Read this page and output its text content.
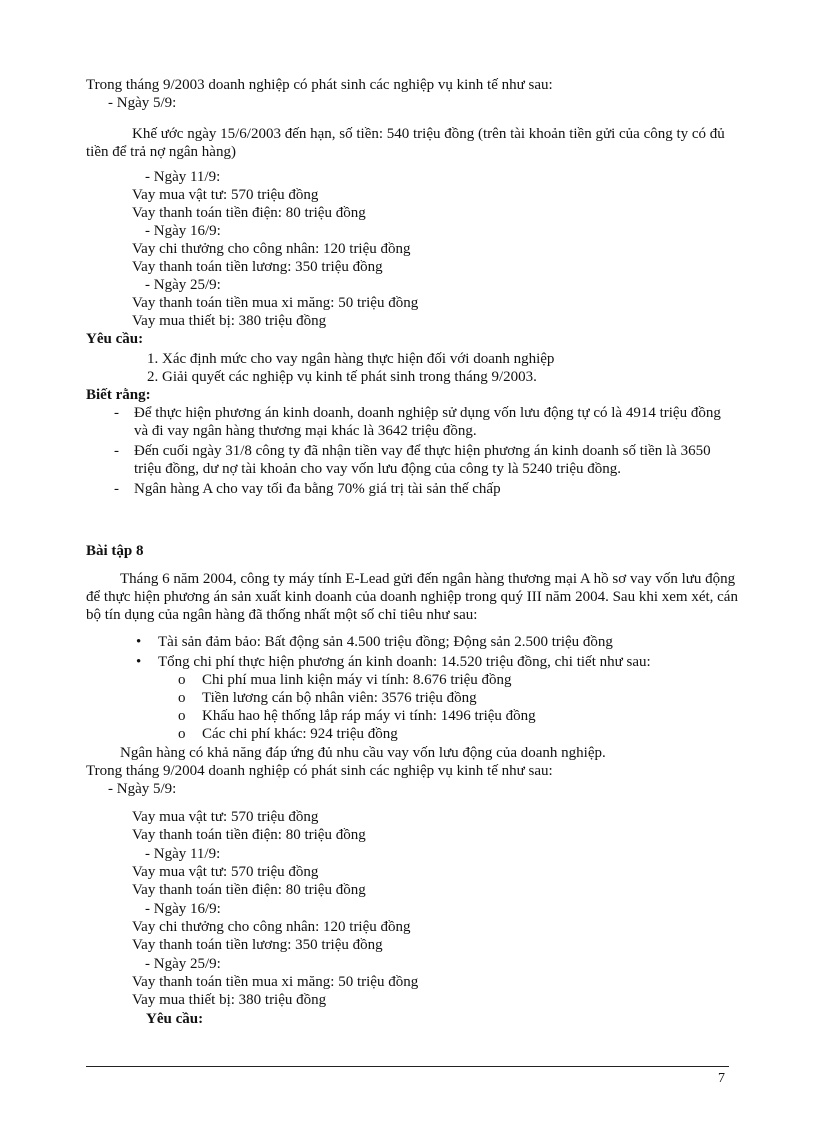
Trong tháng 9/2003 doanh nghiệp có phát sinh các nghiệp vụ kinh tế như sau:
- Ngày 5/9:
Khế ước ngày 15/6/2003 đến hạn, số tiền: 540 triệu đồng (trên tài khoản tiền gửi của công ty có đủ
tiền để trả nợ ngân hàng)
- Ngày 11/9:
Vay mua vật tư: 570 triệu đồng
Vay thanh toán tiền điện: 80 triệu đồng
- Ngày 16/9:
Vay chi thưởng cho công nhân: 120 triệu đồng
Vay thanh toán tiền lương: 350 triệu đồng
- Ngày 25/9:
Vay thanh toán tiền mua xi măng: 50 triệu đồng
Vay mua thiết bị: 380 triệu đồng
Yêu cầu:
1. Xác định mức cho vay ngân hàng thực hiện đối với doanh nghiệp
2. Giải quyết các nghiệp vụ kinh tế phát sinh trong tháng 9/2003.
Biết rằng:
- Để thực hiện phương án kinh doanh, doanh nghiệp sử dụng vốn lưu động tự có là 4914 triệu đồng
và đi vay ngân hàng thương mại khác là 3642 triệu đồng.
- Đến cuối ngày 31/8 công ty đã nhận tiền vay để thực hiện phương án kinh doanh số tiền là 3650
triệu đồng, dư nợ tài khoản cho vay vốn lưu động của công ty là 5240 triệu đồng.
- Ngân hàng A cho vay tối đa bằng 70% giá trị tài sản thế chấp
Bài tập 8
Tháng 6 năm 2004, công ty máy tính E-Lead gửi đến ngân hàng thương mại A hồ sơ vay vốn lưu động
để thực hiện phương án sản xuất kinh doanh của doanh nghiệp trong quý III năm 2004. Sau khi xem xét, cán
bộ tín dụng của ngân hàng đã thống nhất một số chỉ tiêu như sau:
• Tài sản đảm bảo: Bất động sản 4.500 triệu đồng; Động sản 2.500 triệu đồng
• Tổng chi phí thực hiện phương án kinh doanh: 14.520 triệu đồng, chi tiết như sau:
o Chi phí mua linh kiện máy vi tính: 8.676 triệu đồng
o Tiền lương cán bộ nhân viên: 3576 triệu đồng
o Khấu hao hệ thống lắp ráp máy vi tính: 1496 triệu đồng
o Các chi phí khác: 924 triệu đồng
Ngân hàng có khả năng đáp ứng đủ nhu cầu vay vốn lưu động của doanh nghiệp.
Trong tháng 9/2004 doanh nghiệp có phát sinh các nghiệp vụ kinh tế như sau:
- Ngày 5/9:
Vay mua vật tư: 570 triệu đồng
Vay thanh toán tiền điện: 80 triệu đồng
- Ngày 11/9:
Vay mua vật tư: 570 triệu đồng
Vay thanh toán tiền điện: 80 triệu đồng
- Ngày 16/9:
Vay chi thưởng cho công nhân: 120 triệu đồng
Vay thanh toán tiền lương: 350 triệu đồng
- Ngày 25/9:
Vay thanh toán tiền mua xi măng: 50 triệu đồng
Vay mua thiết bị: 380 triệu đồng
Yêu cầu:
7
